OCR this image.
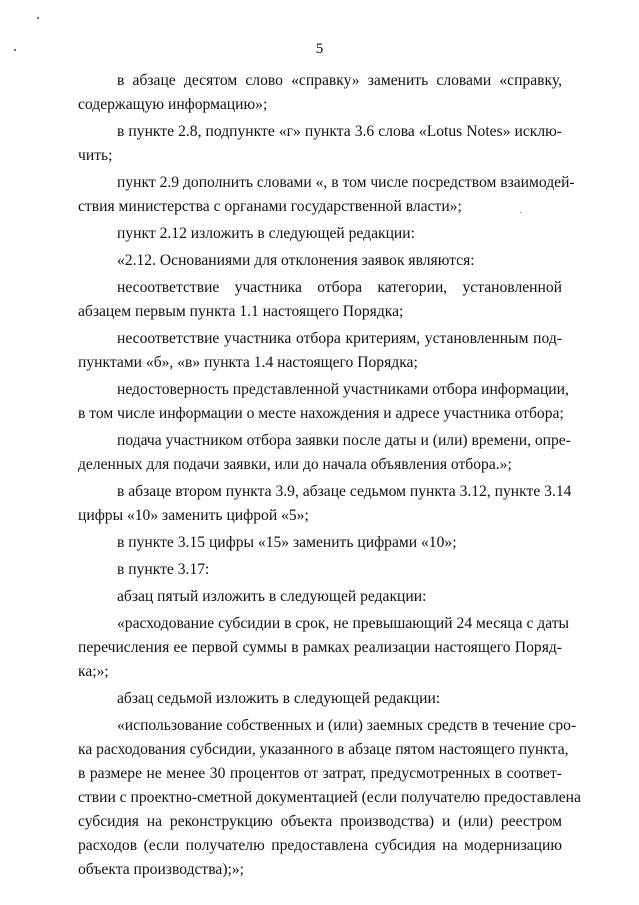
5
в абзаце десятом слово «справку» заменить словами «справку,
содержащую информацию»;
в пункте 2.8, подпункте «г» пункта 3.6 слова «Lotus Notes» исклю-
чить;
пункт 2.9 дополнить словами «, в том числе посредством взаимодей-
ствия министерства с органами государственной власти»;
пункт 2.12 изложить в следующей редакции:
«2.12. Основаниями для отклонения заявок являются:
несоответствие участника отбора категории, установленной
абзацем первым пункта 1.1 настоящего Порядка;
несоответствие участника отбора критериям, установленным под-
пунктами «б», «в» пункта 1.4 настоящего Порядка;
недостоверность представленной участниками отбора информации,
в том числе информации о месте нахождения и адресе участника отбора;
подача участником отбора заявки после даты и (или) времени, опре-
деленных для подачи заявки, или до начала объявления отбора.»;
в абзаце втором пункта 3.9, абзаце седьмом пункта 3.12, пункте 3.14
цифры «10» заменить цифрой «5»;
в пункте 3.15 цифры «15» заменить цифрами «10»;
в пункте 3.17:
абзац пятый изложить в следующей редакции:
«расходование субсидии в срок, не превышающий 24 месяца с даты
перечисления ее первой суммы в рамках реализации настоящего Поряд-
ка;»;
абзац седьмой изложить в следующей редакции:
«использование собственных и (или) заемных средств в течение сро-
ка расходования субсидии, указанного в абзаце пятом настоящего пункта,
в размере не менее 30 процентов от затрат, предусмотренных в соответ-
ствии с проектно-сметной документацией (если получателю предоставлена
субсидия на реконструкцию объекта производства) и (или) реестром
расходов (если получателю предоставлена субсидия на модернизацию
объекта производства);»;
